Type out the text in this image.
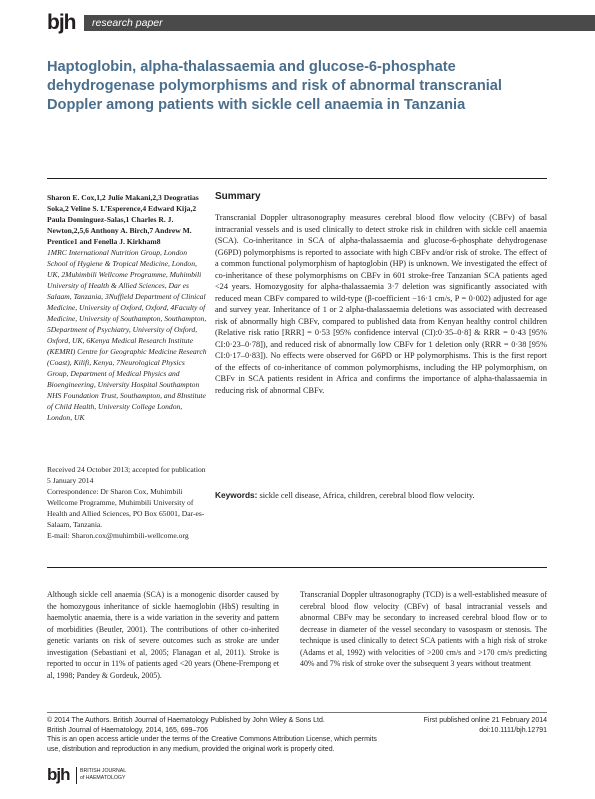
bjh research paper
Haptoglobin, alpha-thalassaemia and glucose-6-phosphate dehydrogenase polymorphisms and risk of abnormal transcranial Doppler among patients with sickle cell anaemia in Tanzania

Sharon E. Cox,1,2 Julie Makani,2,3 Deogratias Soka,2 Veline S. L’Esperence,4 Edward Kija,2 Paula Dominguez-Salas,1 Charles R. J. Newton,2,5,6 Anthony A. Birch,7 Andrew M. Prentice1 and Fenella J. Kirkham8

1MRC International Nutrition Group, London School of Hygiene & Tropical Medicine, London, UK, 2Muhimbili Wellcome Programme, Muhimbili University of Health & Allied Sciences, Dar es Salaam, Tanzania, 3Nuffield Department of Clinical Medicine, University of Oxford, Oxford, 4Faculty of Medicine, University of Southampton, Southampton, 5Department of Psychiatry, University of Oxford, Oxford, UK, 6Kenya Medical Research Institute (KEMRI) Centre for Geographic Medicine Research (Coast), Kilifi, Kenya, 7Neurological Physics Group, Department of Medical Physics and Bioengineering, University Hospital Southampton NHS Foundation Trust, Southampton, and 8Institute of Child Health, University College London, London, UK

Received 24 October 2013; accepted for publication 5 January 2014

Correspondence: Dr Sharon Cox, Muhimbili Wellcome Programme, Muhimbili University of Health and Allied Sciences, PO Box 65001, Dar-es-Salaam, Tanzania.

E-mail: Sharon.cox@muhimbili-wellcome.org

Summary
Transcranial Doppler ultrasonography measures cerebral blood flow velocity (CBFv) of basal intracranial vessels and is used clinically to detect stroke risk in children with sickle cell anaemia (SCA). Co-inheritance in SCA of alpha-thalassaemia and glucose-6-phosphate dehydrogenase (G6PD) polymorphisms is reported to associate with high CBFv and/or risk of stroke. The effect of a common functional polymorphism of haptoglobin (HP) is unknown. We investigated the effect of co-inheritance of these polymorphisms on CBFv in 601 stroke-free Tanzanian SCA patients aged <24 years. Homozygosity for alpha-thalassaemia 3·7 deletion was significantly associated with reduced mean CBFv compared to wild-type (β-coefficient −16·1 cm/s, P = 0·002) adjusted for age and survey year. Inheritance of 1 or 2 alpha-thalassaemia deletions was associated with decreased risk of abnormally high CBFv, compared to published data from Kenyan healthy control children (Relative risk ratio [RRR] = 0·53 [95% confidence interval (CI):0·35–0·8] & RRR = 0·43 [95% CI:0·23–0·78]), and reduced risk of abnormally low CBFv for 1 deletion only (RRR = 0·38 [95% CI:0·17–0·83]). No effects were observed for G6PD or HP polymorphisms. This is the first report of the effects of co-inheritance of common polymorphisms, including the HP polymorphism, on CBFv in SCA patients resident in Africa and confirms the importance of alpha-thalassaemia in reducing risk of abnormal CBFv.
Keywords: sickle cell disease, Africa, children, cerebral blood flow velocity.
Although sickle cell anaemia (SCA) is a monogenic disorder caused by the homozygous inheritance of sickle haemoglobin (HbS) resulting in haemolytic anaemia, there is a wide variation in the severity and pattern of morbidities (Beutler, 2001). The contributions of other co-inherited genetic variants on risk of severe outcomes such as stroke are under investigation (Sebastiani et al, 2005; Flanagan et al, 2011). Stroke is reported to occur in 11% of patients aged <20 years (Ohene-Frempong et al, 1998; Pandey & Gordeuk, 2005).
Transcranial Doppler ultrasonography (TCD) is a well-established measure of cerebral blood flow velocity (CBFv) of basal intracranial vessels and abnormal CBFv may be secondary to increased cerebral blood flow or to decrease in diameter of the vessel secondary to vasospasm or stenosis. The technique is used clinically to detect SCA patients with a high risk of stroke (Adams et al, 1992) with velocities of >200 cm/s and >170 cm/s predicting 40% and 7% risk of stroke over the subsequent 3 years without treatment
© 2014 The Authors. British Journal of Haematology Published by John Wiley & Sons Ltd.
British Journal of Haematology, 2014, 165, 699–706
This is an open access article under the terms of the Creative Commons Attribution License, which permits
use, distribution and reproduction in any medium, provided the original work is properly cited.
First published online 21 February 2014
doi:10.1111/bjh.12791
bjh BRITISH JOURNAL
of HAEMATOLOGY
